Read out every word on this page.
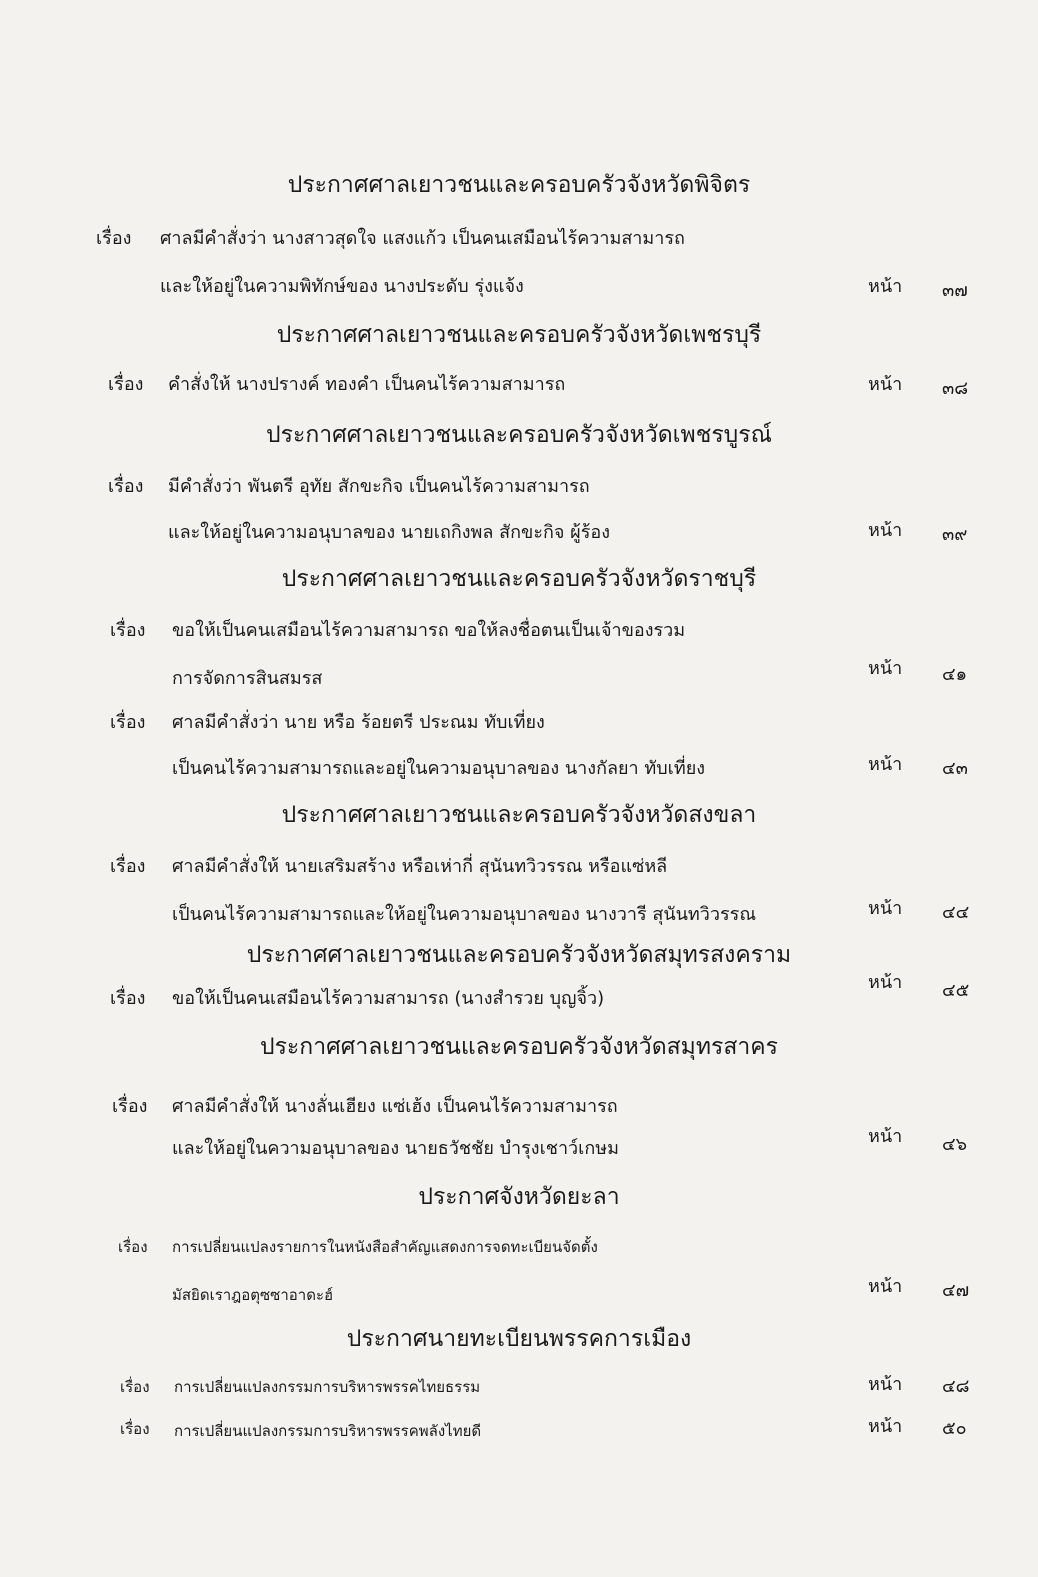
ประกาศศาลเยาวชนและครอบครัวจังหวัดพิจิตร
เรื่อง ศาลมีคำสั่งว่า นางสาวสุดใจ แสงแก้ว เป็นคนเสมือนไร้ความสามารถ
และให้อยู่ในความพิทักษ์ของ นางประดับ รุ่งแจ้ง	หน้า ๓๗
ประกาศศาลเยาวชนและครอบครัวจังหวัดเพชรบุรี
เรื่อง คำสั่งให้ นางปรางค์ ทองคำ เป็นคนไร้ความสามารถ	หน้า ๓๘
ประกาศศาลเยาวชนและครอบครัวจังหวัดเพชรบูรณ์
เรื่อง มีคำสั่งว่า พันตรี อุทัย สักขะกิจ เป็นคนไร้ความสามารถ
และให้อยู่ในความอนุบาลของ นายเถกิงพล สักขะกิจ ผู้ร้อง	หน้า ๓๙
ประกาศศาลเยาวชนและครอบครัวจังหวัดราชบุรี
เรื่อง ขอให้เป็นคนเสมือนไร้ความสามารถ ขอให้ลงชื่อตนเป็นเจ้าของรวม
การจัดการสินสมรส	หน้า ๔๑
เรื่อง ศาลมีคำสั่งว่า นาย หรือ ร้อยตรี ประณม ทับเที่ยง
เป็นคนไร้ความสามารถและอยู่ในความอนุบาลของ นางกัลยา ทับเที่ยง	หน้า ๔๓
ประกาศศาลเยาวชนและครอบครัวจังหวัดสงขลา
เรื่อง ศาลมีคำสั่งให้ นายเสริมสร้าง หรือเห่ากี่ สุนันทวิวรรณ หรือแซ่หลี
เป็นคนไร้ความสามารถและให้อยู่ในความอนุบาลของ นางวารี สุนันทวิวรรณ	หน้า ๔๔
ประกาศศาลเยาวชนและครอบครัวจังหวัดสมุทรสงคราม
เรื่อง ขอให้เป็นคนเสมือนไร้ความสามารถ (นางสำรวย บุญจิ้ว)
หน้า ๔๕
ประกาศศาลเยาวชนและครอบครัวจังหวัดสมุทรสาคร
เรื่อง ศาลมีคำสั่งให้ นางลั่นเฮียง แซ่เฮ้ง เป็นคนไร้ความสามารถ
และให้อยู่ในความอนุบาลของ นายธวัชชัย บำรุงเชาว์เกษม
หน้า ๔๖
ประกาศจังหวัดยะลา
เรื่อง การเปลี่ยนแปลงรายการในหนังสือสำคัญแสดงการจดทะเบียนจัดตั้ง
มัสยิดเราฎอตุซซาอาดะฮ์	หน้า ๔๗
ประกาศนายทะเบียนพรรคการเมือง
เรื่อง การเปลี่ยนแปลงกรรมการบริหารพรรคไทยธรรม	หน้า ๔๘
เรื่อง การเปลี่ยนแปลงกรรมการบริหารพรรคพลังไทยดี	หน้า ๕๐
